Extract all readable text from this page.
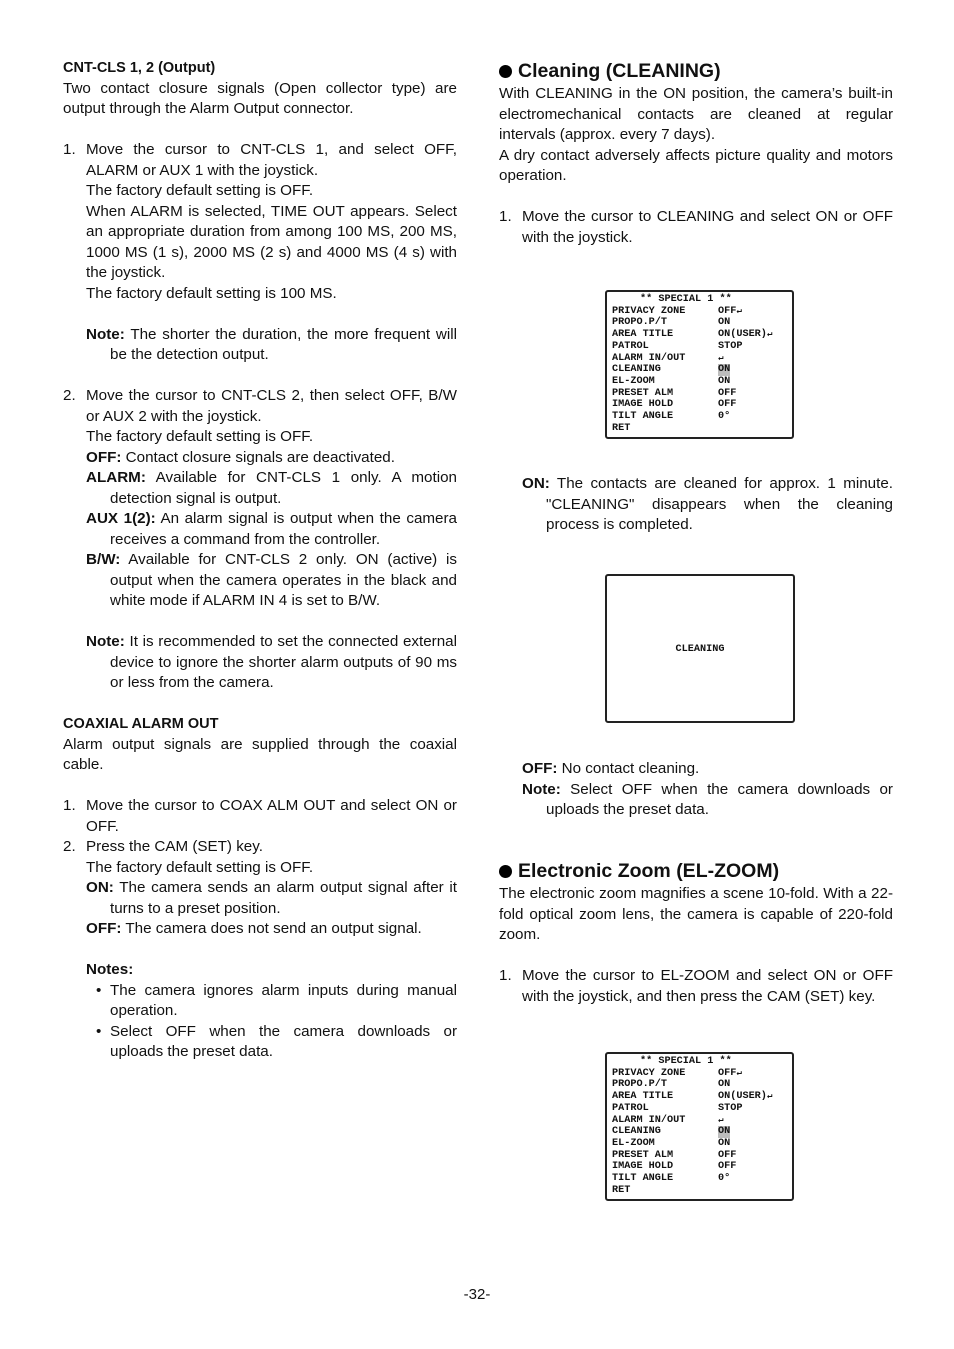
CNT-CLS 1, 2 (Output)

Two contact closure signals (Open collector type) are output through the Alarm Output connector.

1. Move the cursor to CNT-CLS 1, and select OFF, ALARM or AUX 1 with the joystick.

The factory default setting is OFF.

When ALARM is selected, TIME OUT appears. Select an appropriate duration from among 100 MS, 200 MS, 1000 MS (1 s), 2000 MS (2 s) and 4000 MS (4 s) with the joystick.

The factory default setting is 100 MS.

Note: The shorter the duration, the more frequent will be the detection output.

2. Move the cursor to CNT-CLS 2, then select OFF, B/W or AUX 2 with the joystick.

The factory default setting is OFF.

OFF: Contact closure signals are deactivated.

ALARM: Available for CNT-CLS 1 only. A motion detection signal is output.

AUX 1(2): An alarm signal is output when the camera receives a command from the controller.

B/W: Available for CNT-CLS 2 only. ON (active) is output when the camera operates in the black and white mode if ALARM IN 4 is set to B/W.

Note: It is recommended to set the connected external device to ignore the shorter alarm outputs of 90 ms or less from the camera.

COAXIAL ALARM OUT

Alarm output signals are supplied through the coaxial cable.

1. Move the cursor to COAX ALM OUT and select ON or OFF.
2. Press the CAM (SET) key.

The factory default setting is OFF.

ON: The camera sends an alarm output signal after it turns to a preset position.

OFF: The camera does not send an output signal.

Notes:

• The camera ignores alarm inputs during manual operation.
• Select OFF when the camera downloads or uploads the preset data.
Cleaning (CLEANING)

With CLEANING in the ON position, the camera’s built-in electromechanical contacts are cleaned at regular intervals (approx. every 7 days).

A dry contact adversely affects picture quality and motors operation.

1. Move the cursor to CLEANING and select ON or OFF with the joystick.

ON: The contacts are cleaned for approx. 1 minute. "CLEANING" disappears when the cleaning process is completed.

OFF: No contact cleaning.

Note: Select OFF when the camera downloads or uploads the preset data.

Electronic Zoom (EL-ZOOM)

The electronic zoom magnifies a scene 10-fold. With a 22-fold optical zoom lens, the camera is capable of 220-fold zoom.

1. Move the cursor to EL-ZOOM and select ON or OFF with the joystick, and then press the CAM (SET) key.
** SPECIAL 1 **
PRIVACY ZONE	OFF ↵
PROPO.P/T	ON
AREA TITLE	ON(USER) ↵
PATROL	STOP
ALARM IN/OUT	↵
CLEANING	ON
EL-ZOOM	ON
PRESET ALM	OFF
IMAGE HOLD	OFF
TILT ANGLE	0°
RET
CLEANING
** SPECIAL 1 **
PRIVACY ZONE	OFF ↵
PROPO.P/T	ON
AREA TITLE	ON(USER) ↵
PATROL	STOP
ALARM IN/OUT	↵
CLEANING	ON
EL-ZOOM	ON
PRESET ALM	OFF
IMAGE HOLD	OFF
TILT ANGLE	0°
RET
-32-
